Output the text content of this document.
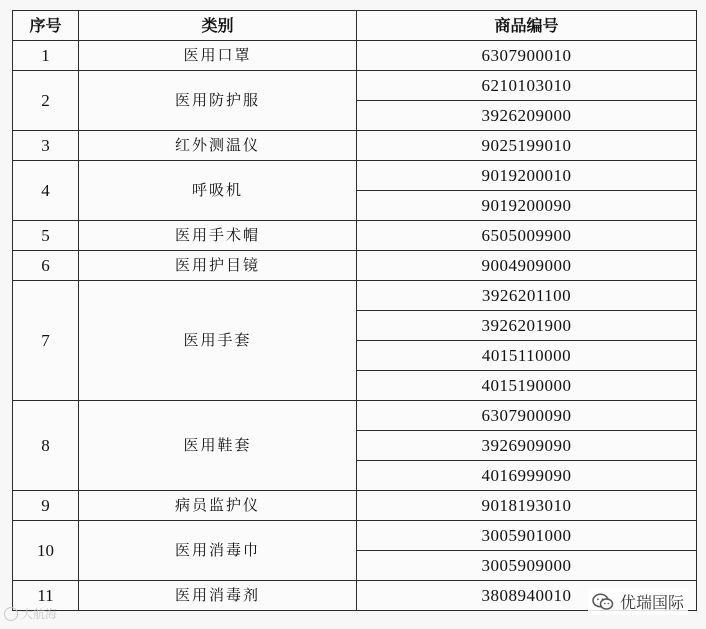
序号	类别	商品编号
1	医用口罩	6307900010
2	医用防护服	6210103010
		3926209000
3	红外测温仪	9025199010
4	呼吸机	9019200010
		9019200090
5	医用手术帽	6505009900
6	医用护目镜	9004909000
7	医用手套	3926201100
		3926201900
		4015110000
		4015190000
8	医用鞋套	6307900090
		3926909090
		4016999090
9	病员监护仪	9018193010
10	医用消毒巾	3005901000
		3005909000
11	医用消毒剂	3808940010
大航海
优瑞国际
